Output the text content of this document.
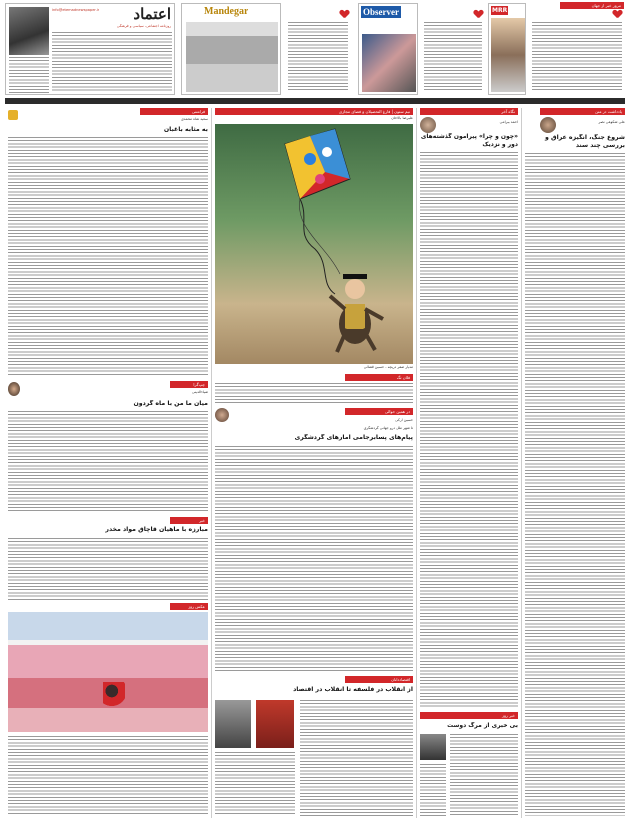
اعتماد
info@etemadnewspaper.ir
روزنامه اجتماعی، سیاسی و فرهنگی
Mandegar	Observer	MRR
مرور خبر از جهان
یادداشت در متن
علی شکوهی نصر
شروع جنگ، انگیزه عراق و بررسی چند سند
نگاه آخر
احمد بیرامی
«چون و چرا» پیرامون گذشته‌های دور و نزدیک
خبر روز
بی خبری از مرگ دوست
نیم ستون | فارغ التحصیلان و فضای مجازی
علیرضا بالاخان
مدیار صفر دریچه - حسین قضائی
فلان تگ
در همین حوالی
حسین آرکی
تا شهر ملل درو جهانی گردشگری
پیام‌های پسابرجامی آمارهای گردشگری
اقتصاددانان
از انقلاب در فلسفه تا انقلاب در اقتصاد
فرامتنی
سعید شاه محمدی
به مثابه باغبان
چپ‌گرا
ضیاءالدینی
میان ما من با ماه گردون
خبر
مبارزه با ماهیان قاچاق مواد مخدر
عکس روز
